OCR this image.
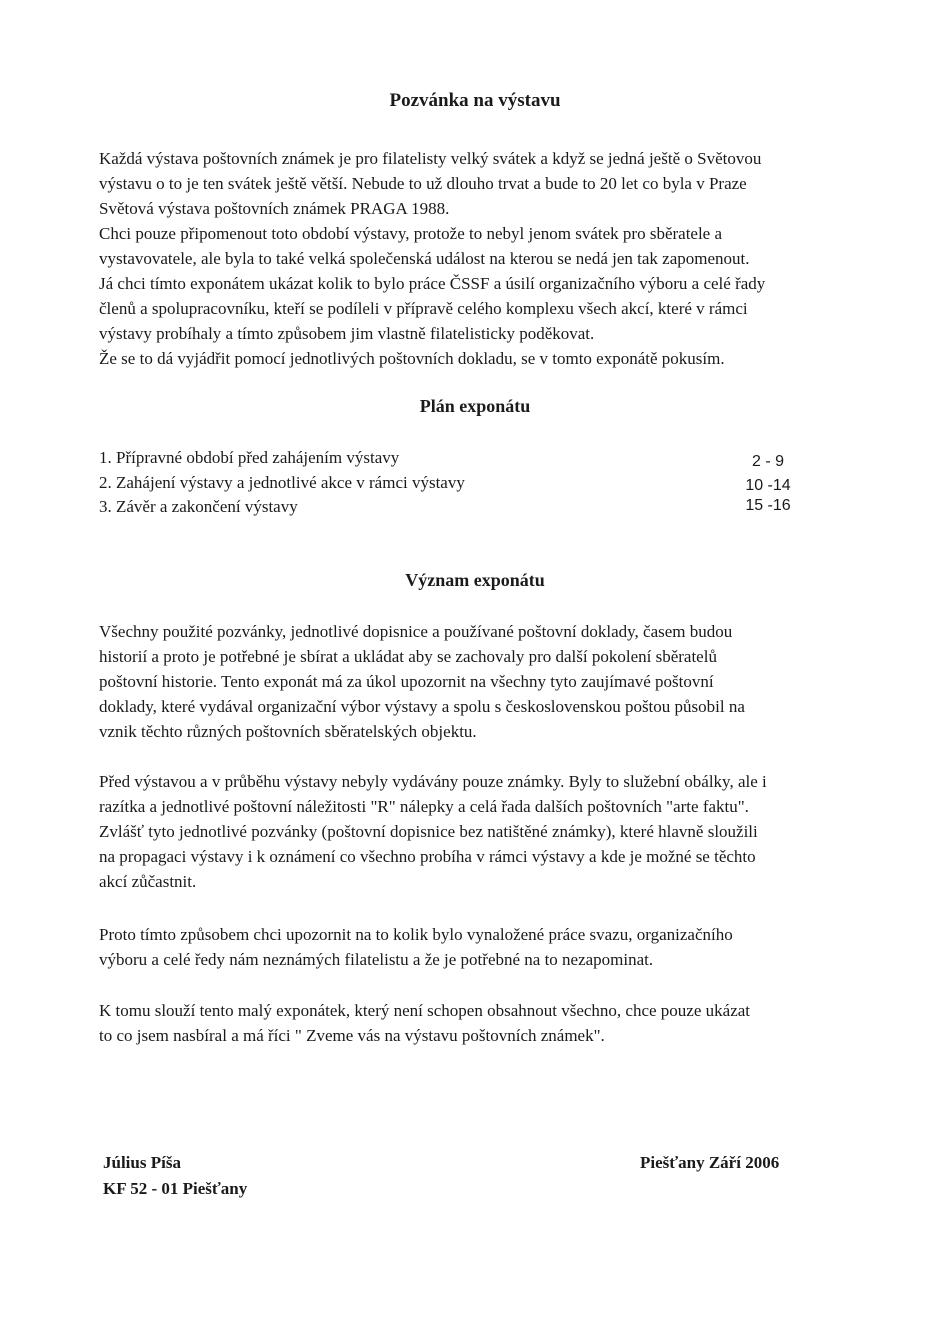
Pozvánka na výstavu
Každá výstava poštovních známek je pro filatelisty velký svátek a když se jedná ještě o Světovou
výstavu o to je ten svátek ještě větší. Nebude to už dlouho trvat a bude to 20 let co byla v Praze
Světová výstava poštovních známek PRAGA 1988.
Chci pouze připomenout toto období výstavy, protože to nebyl jenom svátek pro sběratele a
vystavovatele, ale byla to také velká společenská událost na kterou se nedá jen tak zapomenout.
Já chci tímto exponátem ukázat kolik to bylo práce ČSSF a úsilí organizačního výboru a celé řady
členů a spolupracovníku, kteří se podíleli v přípravě celého komplexu všech akcí, které v rámci
výstavy probíhaly a tímto způsobem jim vlastně filatelisticky poděkovat.
Že se to dá vyjádřit pomocí jednotlivých poštovních dokladu, se v tomto exponátě pokusím.
Plán exponátu
1. Přípravné období před zahájením výstavy	2 - 9
2. Zahájení výstavy a jednotlivé akce v rámci výstavy	10 -14
3. Závěr a zakončení výstavy	15 -16
Význam exponátu
Všechny použité pozvánky, jednotlivé dopisnice a používané poštovní doklady, časem budou
historií a proto je potřebné je sbírat a ukládat aby se zachovaly pro další pokolení sběratelů
poštovní historie. Tento exponát má za úkol upozornit na všechny tyto zaujímavé poštovní
doklady, které vydával organizační výbor výstavy a spolu s československou poštou působil na
vznik těchto různých poštovních sběratelských objektu.
Před výstavou a v průběhu výstavy nebyly vydávány pouze známky. Byly to služební obálky, ale i
razítka a jednotlivé poštovní náležitosti "R" nálepky a celá řada dalších poštovních "arte faktu".
Zvlášť tyto jednotlivé pozvánky (poštovní dopisnice bez natištěné známky), které hlavně sloužili
na propagaci výstavy i k oznámení co všechno probíha v rámci výstavy a kde je možné se těchto
akcí zůčastnit.
Proto tímto způsobem chci upozornit na to kolik bylo vynaložené práce svazu, organizačního
výboru a celé ředy nám neznámých filatelistu a že je potřebné na to nezapominat.
K tomu slouží tento malý exponátek, který není schopen obsahnout všechno, chce pouze ukázat
to co jsem nasbíral a má říci " Zveme vás na výstavu poštovních známek".
Július Píša
KF 52 - 01 Piešťany
Piešťany Září 2006
